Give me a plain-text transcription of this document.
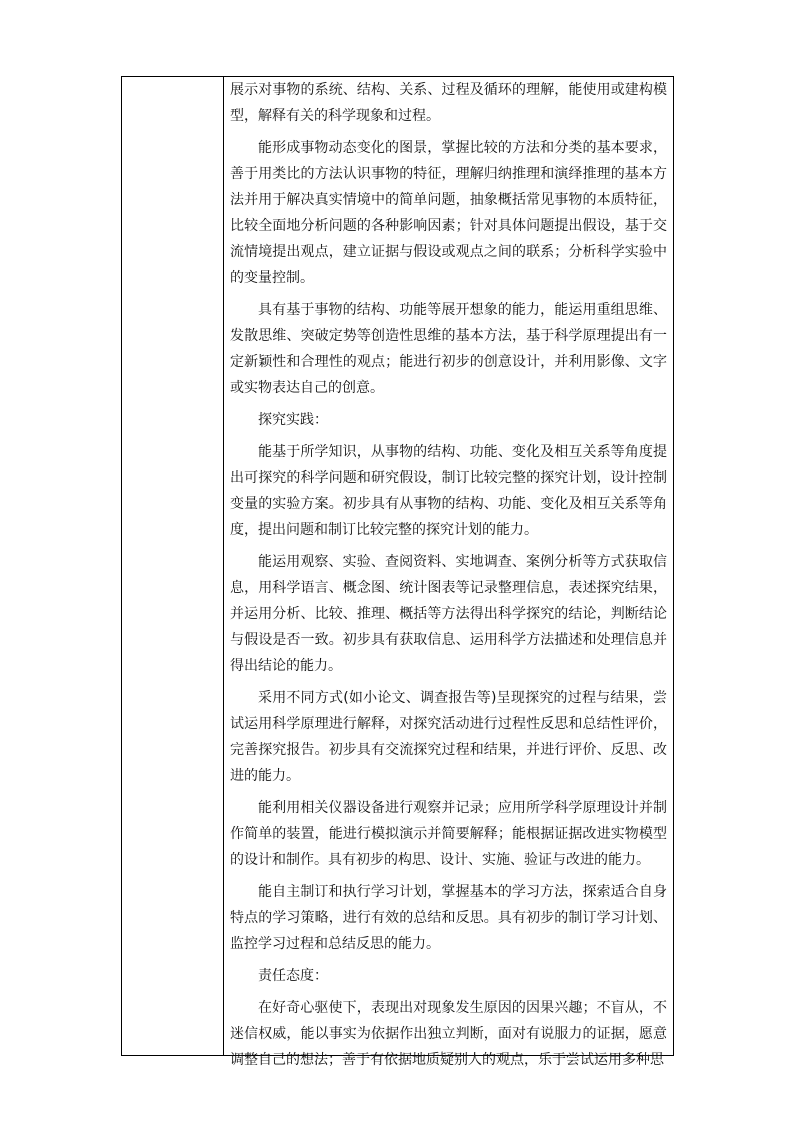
展示对事物的系统、结构、关系、过程及循环的理解，能使用或建构模型，解释有关的科学现象和过程。

能形成事物动态变化的图景，掌握比较的方法和分类的基本要求，善于用类比的方法认识事物的特征，理解归纳推理和演绎推理的基本方法并用于解决真实情境中的简单问题，抽象概括常见事物的本质特征，比较全面地分析问题的各种影响因素；针对具体问题提出假设，基于交流情境提出观点，建立证据与假设或观点之间的联系；分析科学实验中的变量控制。

具有基于事物的结构、功能等展开想象的能力，能运用重组思维、发散思维、突破定势等创造性思维的基本方法，基于科学原理提出有一定新颖性和合理性的观点；能进行初步的创意设计，并利用影像、文字或实物表达自己的创意。

探究实践：

能基于所学知识，从事物的结构、功能、变化及相互关系等角度提出可探究的科学问题和研究假设，制订比较完整的探究计划，设计控制变量的实验方案。初步具有从事物的结构、功能、变化及相互关系等角度，提出问题和制订比较完整的探究计划的能力。

能运用观察、实验、查阅资料、实地调查、案例分析等方式获取信息，用科学语言、概念图、统计图表等记录整理信息，表述探究结果，并运用分析、比较、推理、概括等方法得出科学探究的结论，判断结论与假设是否一致。初步具有获取信息、运用科学方法描述和处理信息并得出结论的能力。

采用不同方式(如小论文、调查报告等)呈现探究的过程与结果，尝试运用科学原理进行解释，对探究活动进行过程性反思和总结性评价，完善探究报告。初步具有交流探究过程和结果，并进行评价、反思、改进的能力。

能利用相关仪器设备进行观察并记录；应用所学科学原理设计并制作简单的装置，能进行模拟演示并简要解释；能根据证据改进实物模型的设计和制作。具有初步的构思、设计、实施、验证与改进的能力。

能自主制订和执行学习计划，掌握基本的学习方法，探索适合自身特点的学习策略，进行有效的总结和反思。具有初步的制订学习计划、监控学习过程和总结反思的能力。

责任态度：

在好奇心驱使下，表现出对现象发生原因的因果兴趣；不盲从，不迷信权威，能以事实为依据作出独立判断，面对有说服力的证据，愿意调整自己的想法；善于有依据地质疑别人的观点，乐于尝试运用多种思
